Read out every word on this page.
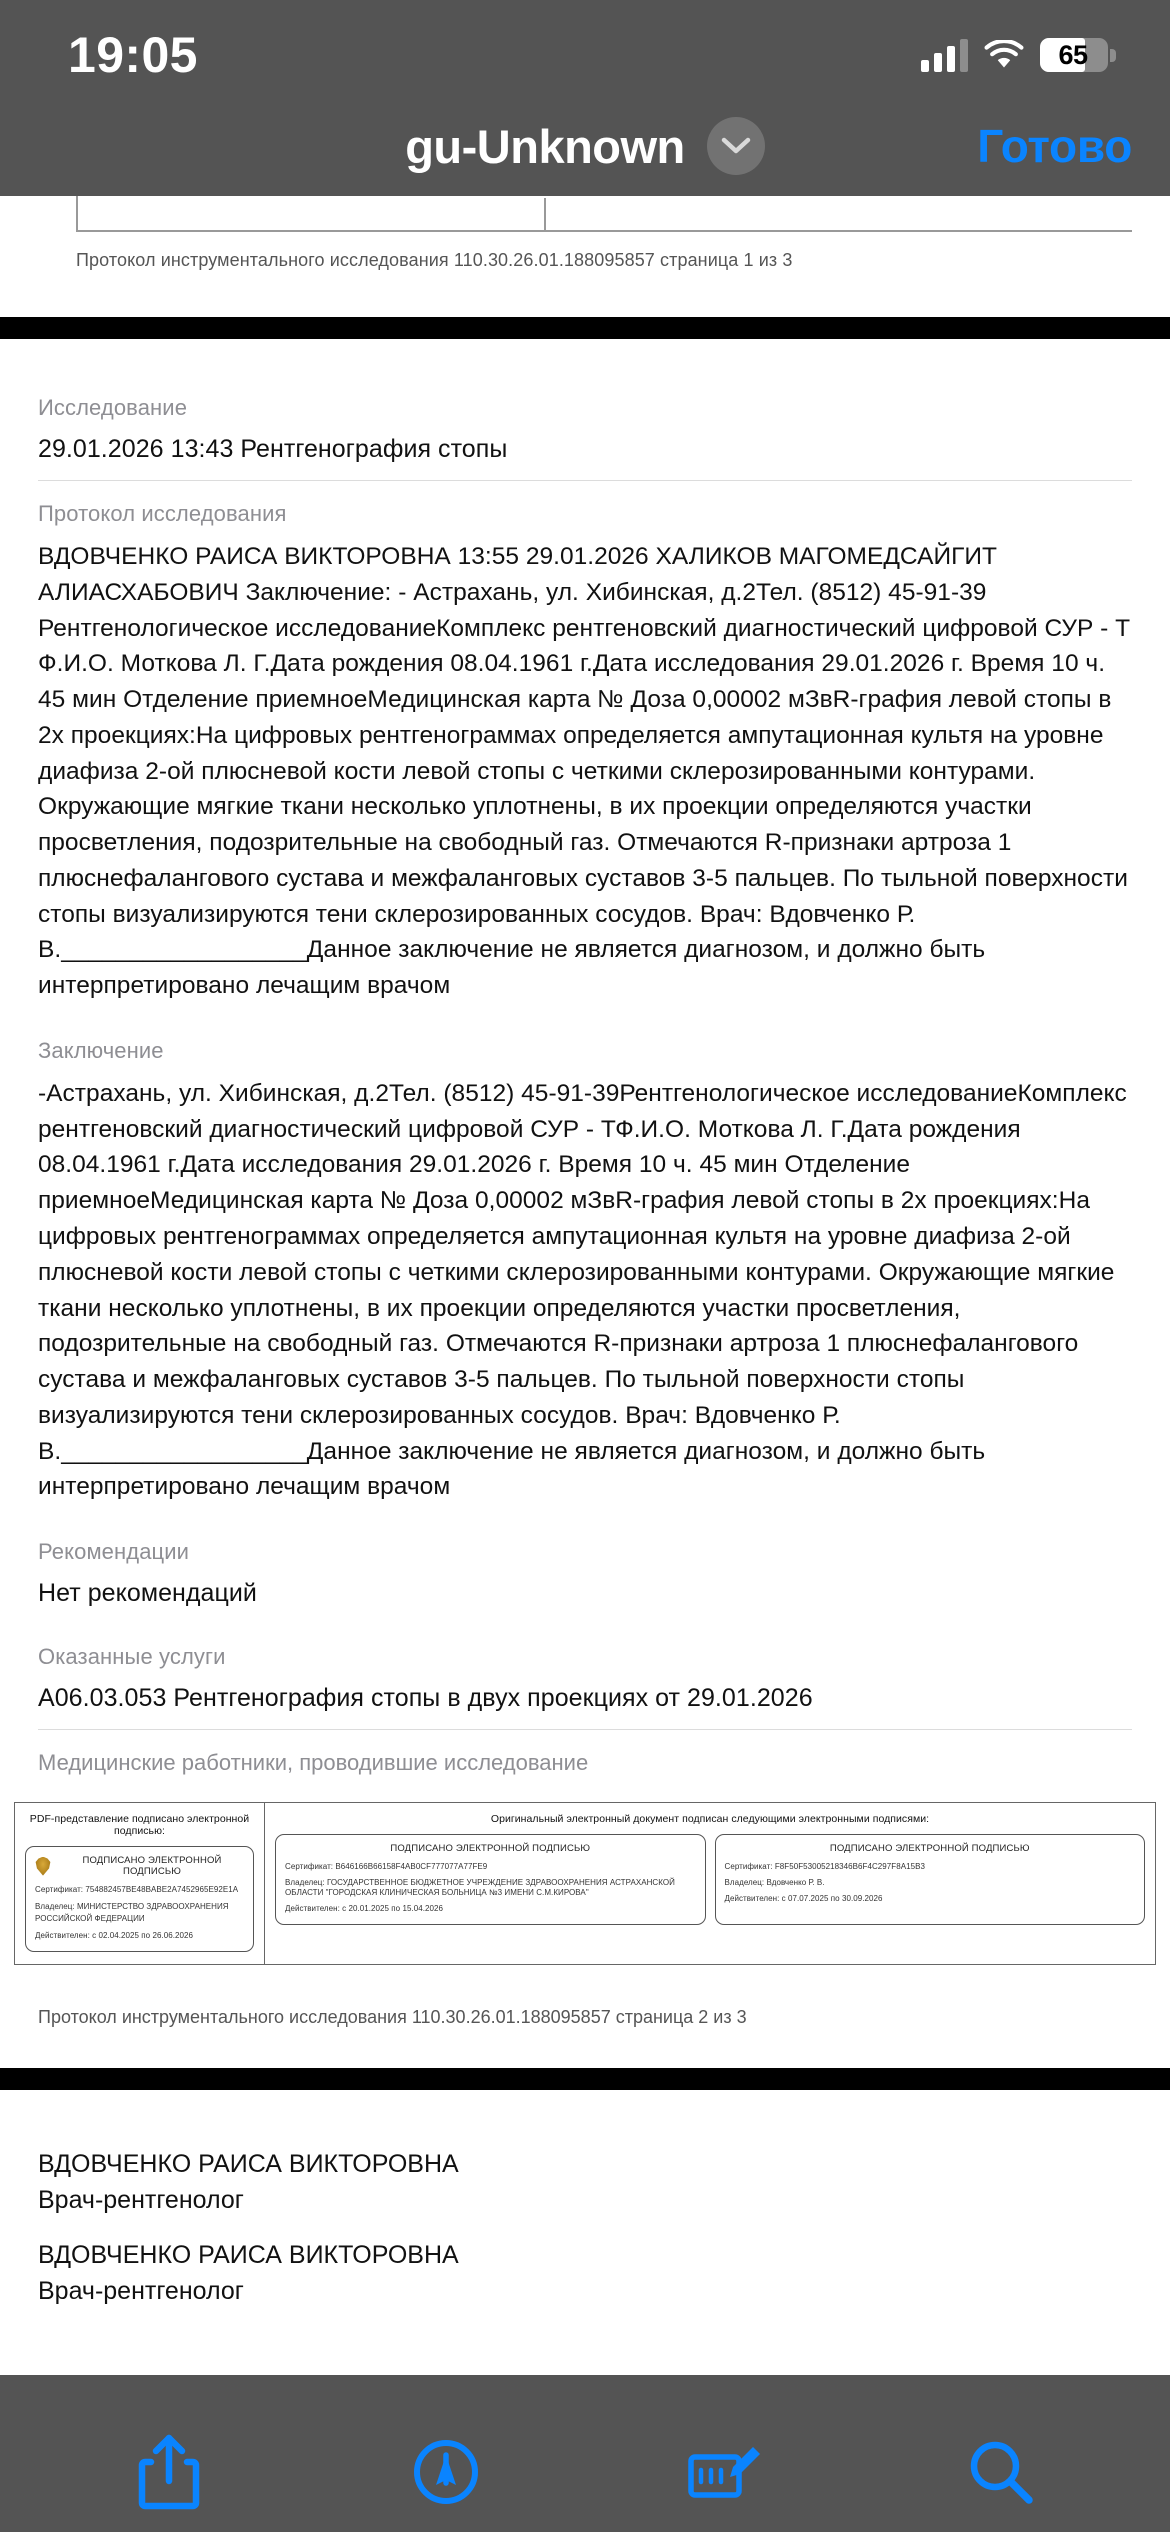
19:05	65
gu-Unknown	Готово
Протокол инструментального исследования 110.30.26.01.188095857 страница 1 из 3
Исследование
29.01.2026 13:43 Рентгенография стопы
Протокол исследования
ВДОВЧЕНКО РАИСА ВИКТОРОВНА 13:55 29.01.2026 ХАЛИКОВ МАГОМЕДСАЙГИТ АЛИАСХАБОВИЧ Заключение: - Астрахань, ул. Хибинская, д.2Тел. (8512) 45-91-39 Рентгенологическое исследованиеКомплекс рентгеновский диагностический цифровой СУР - Т Ф.И.О. Моткова Л. Г.Дата рождения 08.04.1961 г.Дата исследования 29.01.2026 г. Время 10 ч. 45 мин Отделение приемноеМедицинская карта № Доза 0,00002 мЗвR-графия левой стопы в 2х проекциях:На цифровых рентгенограммах определяется ампутационная культя на уровне диафиза 2-ой плюсневой кости левой стопы с четкими склерозированными контурами. Окружающие мягкие ткани несколько уплотнены, в их проекции определяются участки просветления, подозрительные на свободный газ. Отмечаются R-признаки артроза 1 плюснефалангового сустава и межфаланговых суставов 3-5 пальцев. По тыльной поверхности стопы визуализируются тени склерозированных сосудов. Врач: Вдовченко Р. В.__________________Данное заключение не является диагнозом, и должно быть интерпретировано лечащим врачом
Заключение
-Астрахань, ул. Хибинская, д.2Тел. (8512) 45-91-39Рентгенологическое исследованиеКомплекс рентгеновский диагностический цифровой СУР - ТФ.И.О. Моткова Л. Г.Дата рождения 08.04.1961 г.Дата исследования 29.01.2026 г. Время 10 ч. 45 мин Отделение приемноеМедицинская карта № Доза 0,00002 мЗвR-графия левой стопы в 2х проекциях:На цифровых рентгенограммах определяется ампутационная культя на уровне диафиза 2-ой плюсневой кости левой стопы с четкими склерозированными контурами. Окружающие мягкие ткани несколько уплотнены, в их проекции определяются участки просветления, подозрительные на свободный газ. Отмечаются R-признаки артроза 1 плюснефалангового сустава и межфаланговых суставов 3-5 пальцев. По тыльной поверхности стопы визуализируются тени склерозированных сосудов. Врач: Вдовченко Р. В.__________________Данное заключение не является диагнозом, и должно быть интерпретировано лечащим врачом
Рекомендации
Нет рекомендаций
Оказанные услуги
А06.03.053 Рентгенография стопы в двух проекциях от 29.01.2026
Медицинские работники, проводившие исследование
PDF-представление подписано электронной подписью:
ПОДПИСАНО ЭЛЕКТРОННОЙ ПОДПИСЬЮ
Сертификат: 754882457BE48BABE2A7452965E92E1A
Владелец: МИНИСТЕРСТВО ЗДРАВООХРАНЕНИЯ РОССИЙСКОЙ ФЕДЕРАЦИИ
Действителен: с 02.04.2025 по 26.06.2026
Оригинальный электронный документ подписан следующими электронными подписями:
ПОДПИСАНО ЭЛЕКТРОННОЙ ПОДПИСЬЮ
Сертификат: B646166B66158F4AB0CF777077A77FE9
Владелец: ГОСУДАРСТВЕННОЕ БЮДЖЕТНОЕ УЧРЕЖДЕНИЕ ЗДРАВООХРАНЕНИЯ АСТРАХАНСКОЙ ОБЛАСТИ "ГОРОДСКАЯ КЛИНИЧЕСКАЯ БОЛЬНИЦА №3 ИМЕНИ С.М.КИРОВА"
Действителен: с 20.01.2025 по 15.04.2026
ПОДПИСАНО ЭЛЕКТРОННОЙ ПОДПИСЬЮ
Сертификат: F8F50F53005218346B6F4C297F8A15B3
Владелец: Вдовченко Р. В.
Действителен: с 07.07.2025 по 30.09.2026
Протокол инструментального исследования 110.30.26.01.188095857 страница 2 из 3
ВДОВЧЕНКО РАИСА ВИКТОРОВНА
Врач-рентгенолог
ВДОВЧЕНКО РАИСА ВИКТОРОВНА
Врач-рентгенолог
